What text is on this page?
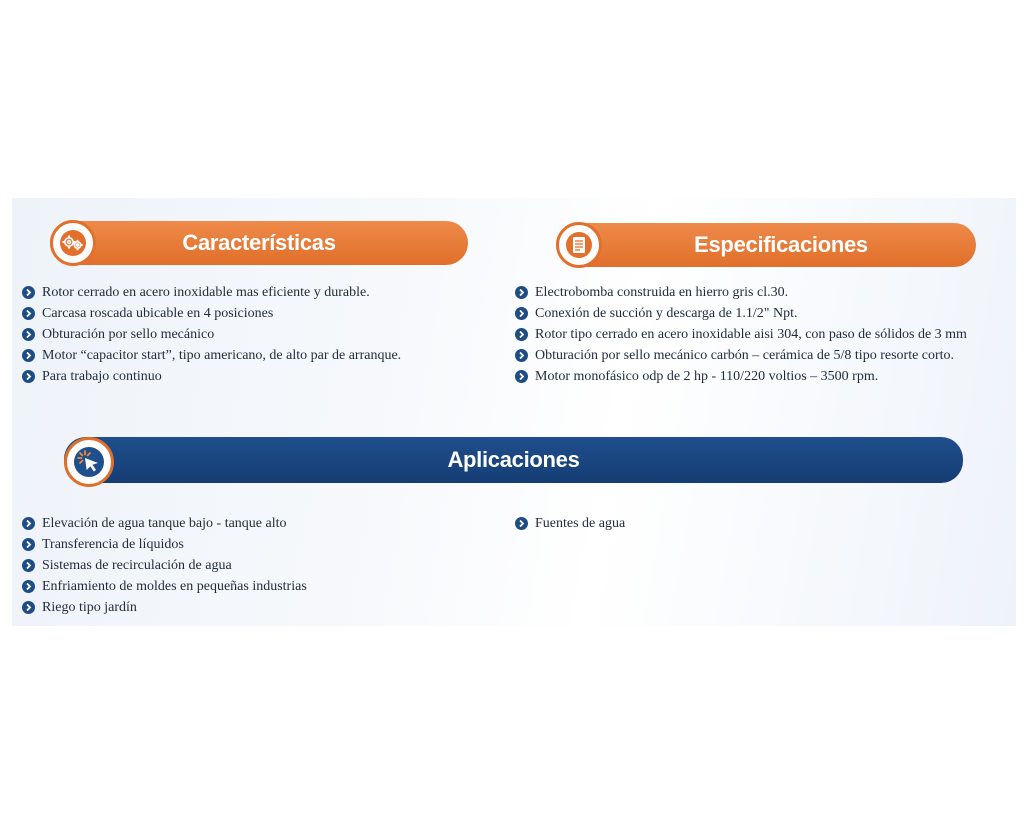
Características	Especificaciones
Rotor cerrado en acero inoxidable mas eficiente y durable.
Carcasa roscada ubicable en 4 posiciones
Obturación por sello mecánico
Motor “capacitor start”, tipo americano, de alto par de arranque.
Para trabajo continuo
Electrobomba construida en hierro gris cl.30.
Conexión de succión y descarga de 1.1/2" Npt.
Rotor tipo cerrado en acero inoxidable aisi 304, con paso de sólidos de 3 mm
Obturación por sello mecánico carbón – cerámica de 5/8 tipo resorte corto.
Motor monofásico odp de 2 hp - 110/220 voltios – 3500 rpm.
Aplicaciones
Elevación de agua tanque bajo - tanque alto
Transferencia de líquidos
Sistemas de recirculación de agua
Enfriamiento de moldes en pequeñas industrias
Riego tipo jardín
Fuentes de agua
